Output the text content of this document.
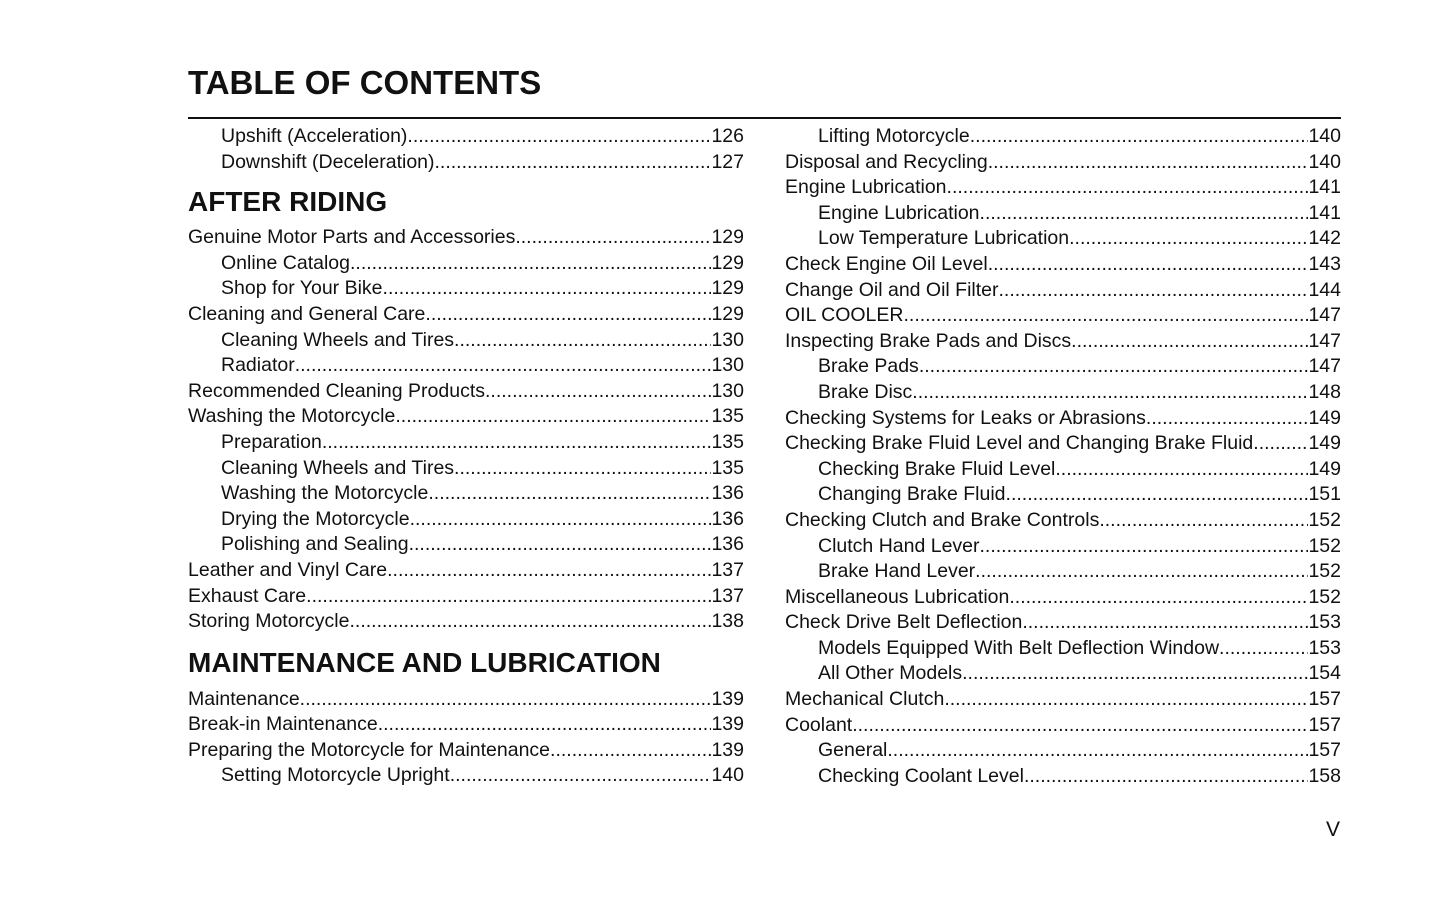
TABLE OF CONTENTS
Upshift (Acceleration) .....	126
Downshift (Deceleration) .....	127
AFTER RIDING
Genuine Motor Parts and Accessories .....	129
Online Catalog .....	129
Shop for Your Bike .....	129
Cleaning and General Care .....	129
Cleaning Wheels and Tires .....	130
Radiator .....	130
Recommended Cleaning Products .....	130
Washing the Motorcycle .....	135
Preparation .....	135
Cleaning Wheels and Tires .....	135
Washing the Motorcycle .....	136
Drying the Motorcycle .....	136
Polishing and Sealing .....	136
Leather and Vinyl Care .....	137
Exhaust Care .....	137
Storing Motorcycle .....	138
MAINTENANCE AND LUBRICATION
Maintenance .....	139
Break-in Maintenance .....	139
Preparing the Motorcycle for Maintenance .....	139
Setting Motorcycle Upright .....	140
Lifting Motorcycle .....	140
Disposal and Recycling .....	140
Engine Lubrication .....	141
Engine Lubrication .....	141
Low Temperature Lubrication .....	142
Check Engine Oil Level .....	143
Change Oil and Oil Filter .....	144
OIL COOLER .....	147
Inspecting Brake Pads and Discs .....	147
Brake Pads .....	147
Brake Disc .....	148
Checking Systems for Leaks or Abrasions .....	149
Checking Brake Fluid Level and Changing Brake Fluid .....	149
Checking Brake Fluid Level .....	149
Changing Brake Fluid .....	151
Checking Clutch and Brake Controls .....	152
Clutch Hand Lever .....	152
Brake Hand Lever .....	152
Miscellaneous Lubrication .....	152
Check Drive Belt Deflection .....	153
Models Equipped With Belt Deflection Window .....	153
All Other Models .....	154
Mechanical Clutch .....	157
Coolant .....	157
General .....	157
Checking Coolant Level .....	158
V
